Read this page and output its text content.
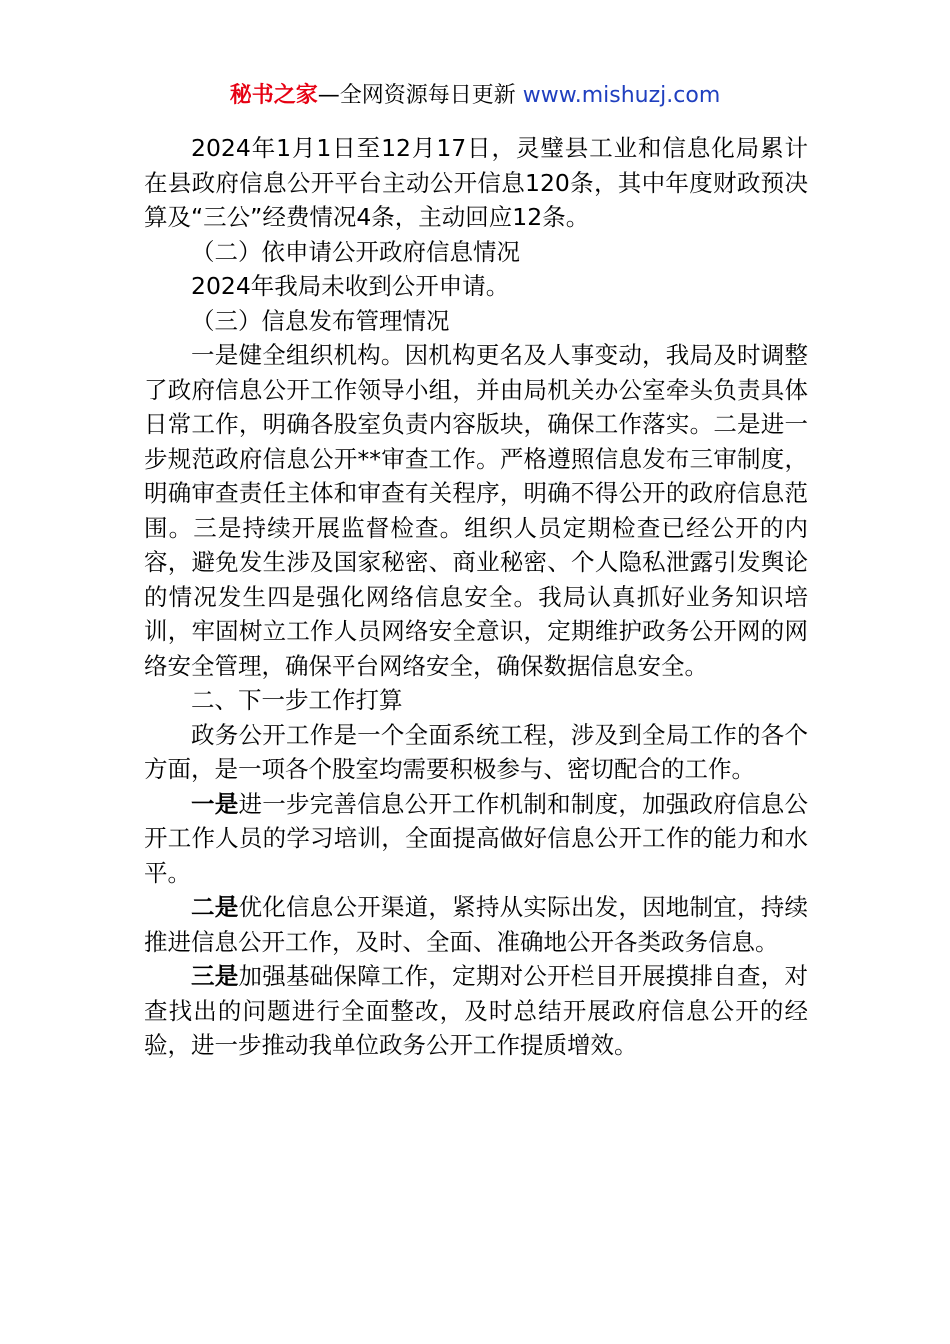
秘书之家—全网资源每日更新 www.mishuzj.com

2024年1月1日至12月17日，灵璧县工业和信息化局累计在县政府信息公开平台主动公开信息120条，其中年度财政预决算及“三公”经费情况4条，主动回应12条。

（二）依申请公开政府信息情况

2024年我局未收到公开申请。

（三）信息发布管理情况

一是健全组织机构。因机构更名及人事变动，我局及时调整了政府信息公开工作领导小组，并由局机关办公室牵头负责具体日常工作，明确各股室负责内容版块，确保工作落实。二是进一步规范政府信息公开**审查工作。严格遵照信息发布三审制度，明确审查责任主体和审查有关程序，明确不得公开的政府信息范围。三是持续开展监督检查。组织人员定期检查已经公开的内容，避免发生涉及国家秘密、商业秘密、个人隐私泄露引发舆论的情况发生四是强化网络信息安全。我局认真抓好业务知识培训，牢固树立工作人员网络安全意识，定期维护政务公开网的网络安全管理，确保平台网络安全，确保数据信息安全。

二、下一步工作打算

政务公开工作是一个全面系统工程，涉及到全局工作的各个方面，是一项各个股室均需要积极参与、密切配合的工作。

一是进一步完善信息公开工作机制和制度，加强政府信息公开工作人员的学习培训，全面提高做好信息公开工作的能力和水平。

二是优化信息公开渠道，紧持从实际出发，因地制宜，持续推进信息公开工作，及时、全面、准确地公开各类政务信息。

三是加强基础保障工作，定期对公开栏目开展摸排自查，对查找出的问题进行全面整改，及时总结开展政府信息公开的经验，进一步推动我单位政务公开工作提质增效。
